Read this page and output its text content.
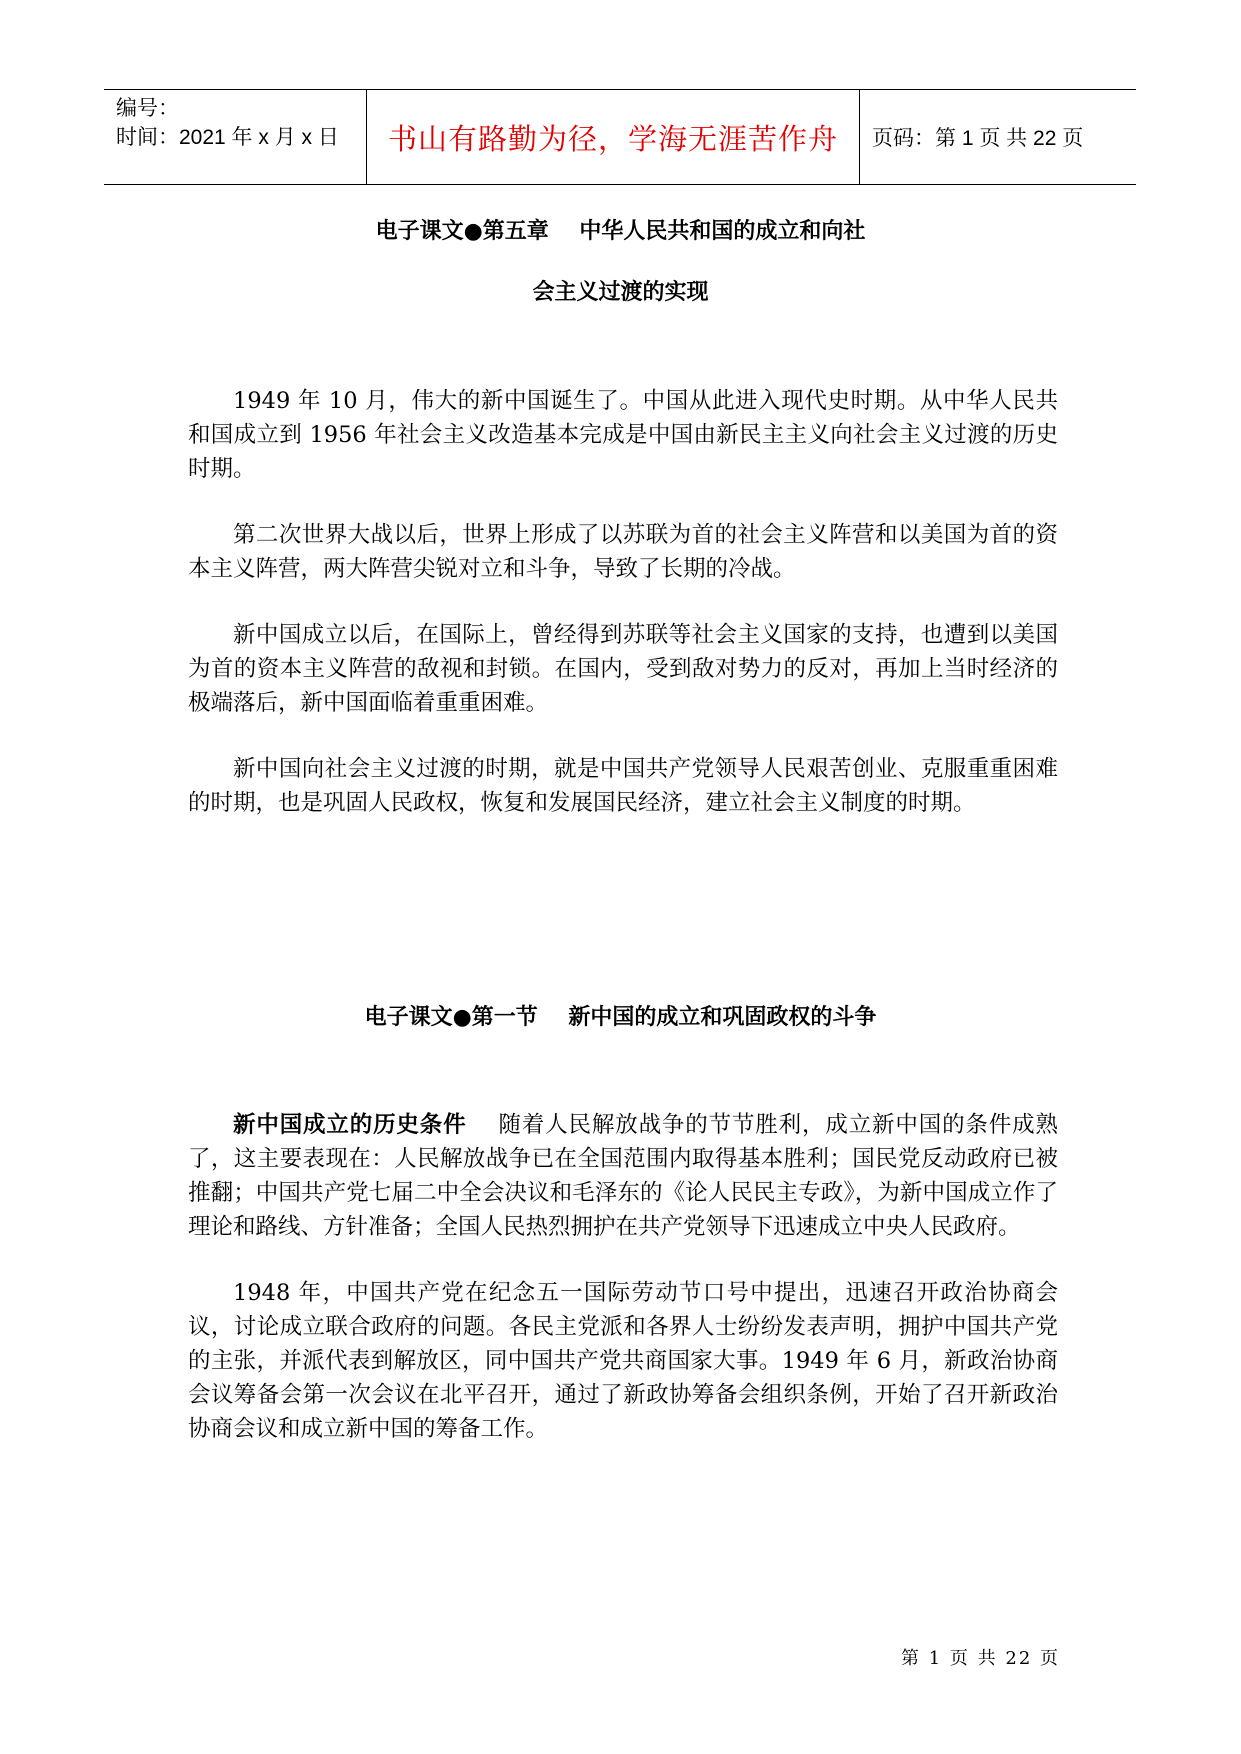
编号：
时间：2021 年 x 月 x 日	书山有路勤为径，学海无涯苦作舟	页码：第 1 页 共 22 页
电子课文●第五章 中华人民共和国的成立和向社
会主义过渡的实现

1949 年 10 月，伟大的新中国诞生了。中国从此进入现代史时期。从中华人民共和国成立到 1956 年社会主义改造基本完成是中国由新民主主义向社会主义过渡的历史时期。

第二次世界大战以后，世界上形成了以苏联为首的社会主义阵营和以美国为首的资本主义阵营，两大阵营尖锐对立和斗争，导致了长期的冷战。

新中国成立以后，在国际上，曾经得到苏联等社会主义国家的支持，也遭到以美国为首的资本主义阵营的敌视和封锁。在国内，受到敌对势力的反对，再加上当时经济的极端落后，新中国面临着重重困难。

新中国向社会主义过渡的时期，就是中国共产党领导人民艰苦创业、克服重重困难的时期，也是巩固人民政权，恢复和发展国民经济，建立社会主义制度的时期。

电子课文●第一节 新中国的成立和巩固政权的斗争

新中国成立的历史条件 随着人民解放战争的节节胜利，成立新中国的条件成熟了，这主要表现在：人民解放战争已在全国范围内取得基本胜利；国民党反动政府已被推翻；中国共产党七届二中全会决议和毛泽东的《论人民民主专政》，为新中国成立作了理论和路线、方针准备；全国人民热烈拥护在共产党领导下迅速成立中央人民政府。

1948 年，中国共产党在纪念五一国际劳动节口号中提出，迅速召开政治协商会议，讨论成立联合政府的问题。各民主党派和各界人士纷纷发表声明，拥护中国共产党的主张，并派代表到解放区，同中国共产党共商国家大事。1949 年 6 月，新政治协商会议筹备会第一次会议在北平召开，通过了新政协筹备会组织条例，开始了召开新政治协商会议和成立新中国的筹备工作。

第 1 页 共 22 页
